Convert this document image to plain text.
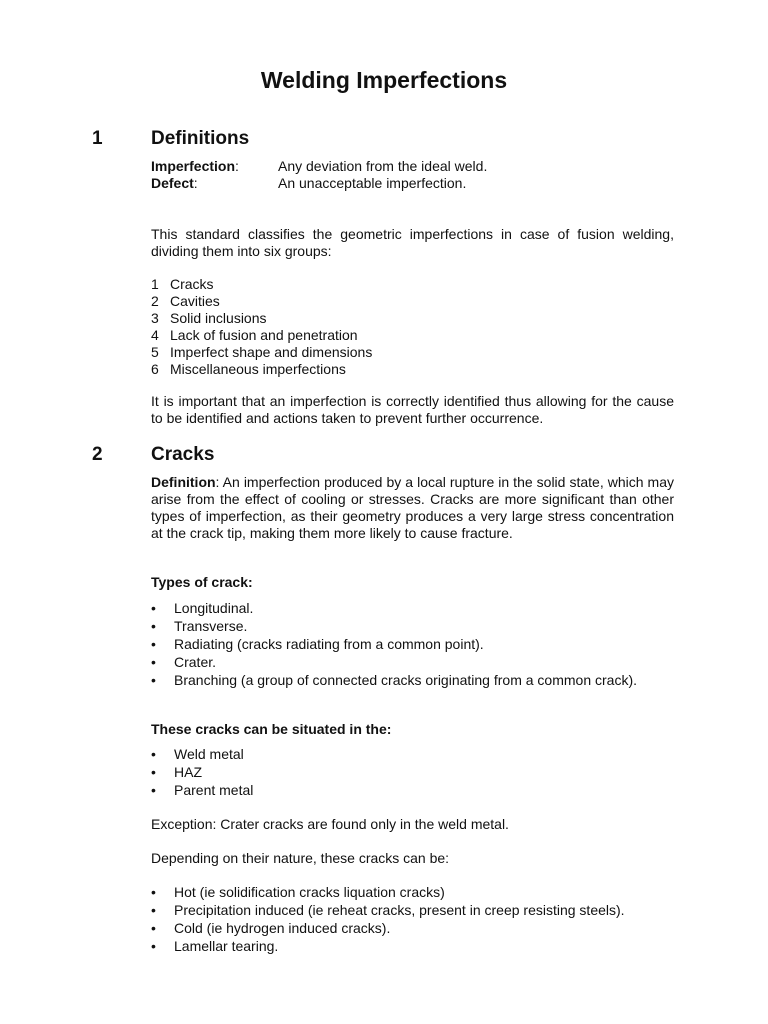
Welding Imperfections
1	Definitions
Imperfection:	Any deviation from the ideal weld.
Defect:	An unacceptable imperfection.

This standard classifies the geometric imperfections in case of fusion welding, dividing them into six groups:

1 Cracks
2 Cavities
3 Solid inclusions
4 Lack of fusion and penetration
5 Imperfect shape and dimensions
6 Miscellaneous imperfections

It is important that an imperfection is correctly identified thus allowing for the cause to be identified and actions taken to prevent further occurrence.

2	Cracks

Definition: An imperfection produced by a local rupture in the solid state, which may arise from the effect of cooling or stresses. Cracks are more significant than other types of imperfection, as their geometry produces a very large stress concentration at the crack tip, making them more likely to cause fracture.

Types of crack:
• Longitudinal.
• Transverse.
• Radiating (cracks radiating from a common point).
• Crater.
• Branching (a group of connected cracks originating from a common crack).
These cracks can be situated in the:
• Weld metal
• HAZ
• Parent metal

Exception: Crater cracks are found only in the weld metal.

Depending on their nature, these cracks can be:

• Hot (ie solidification cracks liquation cracks)
• Precipitation induced (ie reheat cracks, present in creep resisting steels).
• Cold (ie hydrogen induced cracks).
• Lamellar tearing.
